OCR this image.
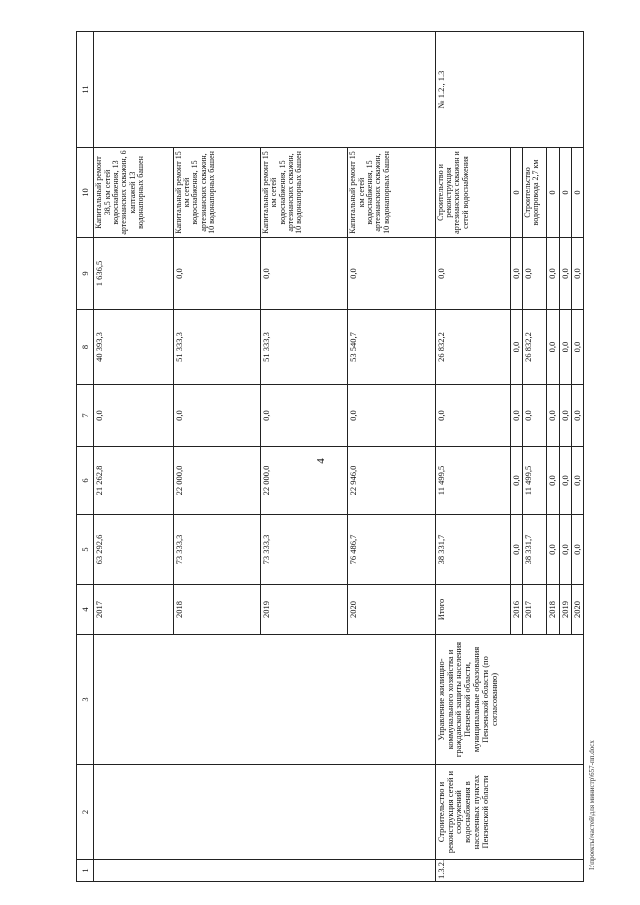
4
1	2	3	4	5	6	7	8	9	10	11
			2017	63 292,6	21 262,8	0,0	40 393,3	1 636,5	Капитальный ремонт 38,5 км сетей водоснабжения, 13 артезианских скважин, 6 каптажей 13 водонапорных башен	
			2018	73 333,3	22 000,0	0,0	51 333,3	0,0	Капитальный ремонт 15 км сетей водоснабжения, 15 артезианских скважин, 10 водонапорных башен	
			2019	73 333,3	22 000,0	0,0	51 333,3	0,0	Капитальный ремонт 15 км сетей водоснабжения, 15 артезианских скважин, 10 водонапорных башен	
			2020	76 486,7	22 946,0	0,0	53 540,7	0,0	Капитальный ремонт 15 км сетей водоснабжения, 15 артезианских скважин, 10 водонапорных башен	
1.3.2.	Строительство и реконструкция сетей и сооружений водоснабжения в населенных пунктах Пензенской области	Управление жилищно-коммунального хозяйства и гражданской защиты населения Пензенской области, муниципальные образования Пензенской области (по согласованию)	Итого	38 331,7	11 499,5	0,0	26 832,2	0,0	Строительство и реконструкция артезианских скважин и сетей водоснабжения	№ 1.2., 1.3
			2016	0,0	0,0	0,0	0,0	0,0	0	
			2017	38 331,7	11 499,5	0,0	26 832,2	0,0	Строительство водопровода 2,7 км	
			2018	0,0	0,0	0,0	0,0	0,0	0	
			2019	0,0	0,0	0,0	0,0	0,0	0	
			2020	0,0	0,0	0,0	0,0	0,0	0	
I:\проекты\частей\для министр\657-пп.docx
